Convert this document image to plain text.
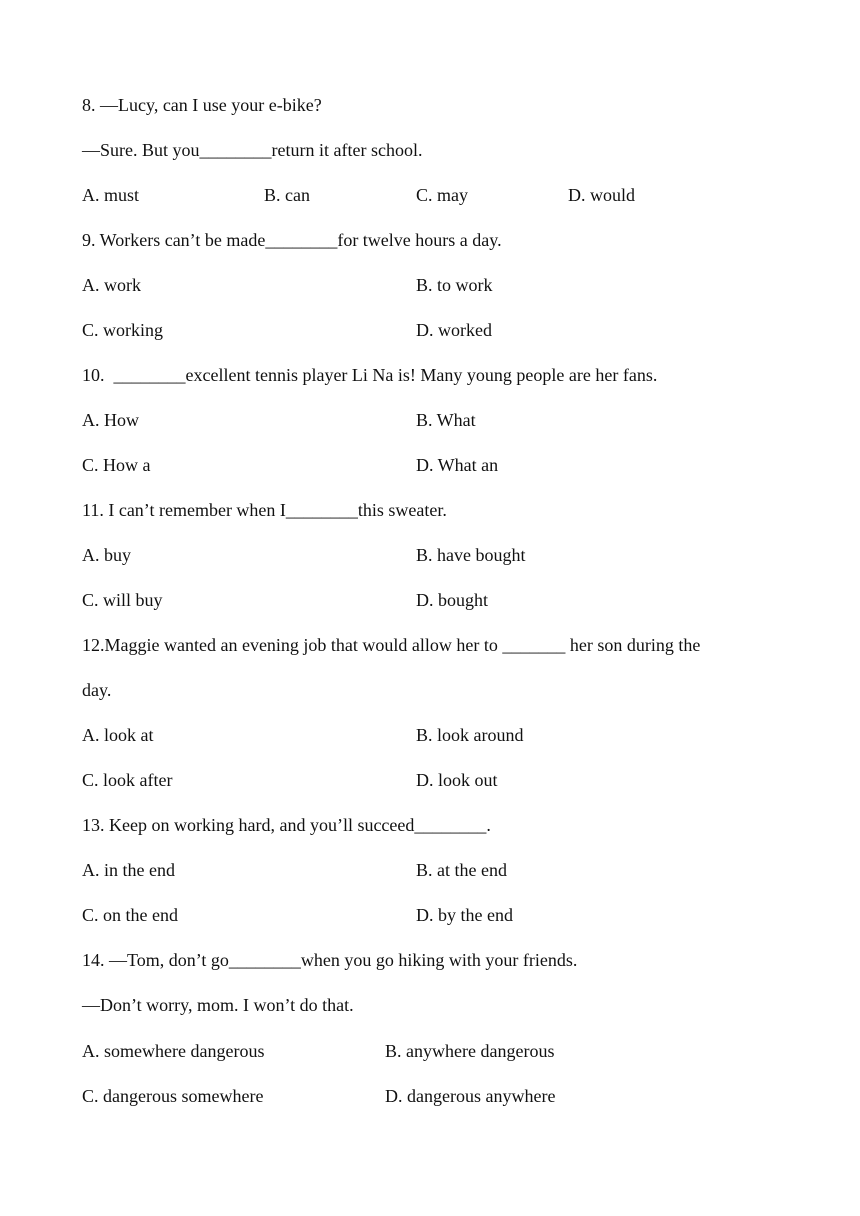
8. —Lucy, can I use your e-bike?
—Sure. But you________return it after school.
A. must	B. can	C. may	D. would
9. Workers can’t be made________for twelve hours a day.
A. work	B. to work
C. working	D. worked
10.  ________excellent tennis player Li Na is! Many young people are her fans.
A. How	B. What
C. How a	D. What an
11. I can’t remember when I________this sweater.
A. buy	B. have bought
C. will buy	D. bought
12.Maggie wanted an evening job that would allow her to _______ her son during the
day.
A. look at	B. look around
C. look after	D. look out
13. Keep on working hard, and you’ll succeed________.
A. in the end	B. at the end
C. on the end	D. by the end
14. —Tom, don’t go________when you go hiking with your friends.
—Don’t worry, mom. I won’t do that.
A. somewhere dangerous	B. anywhere dangerous
C. dangerous somewhere	D. dangerous anywhere
